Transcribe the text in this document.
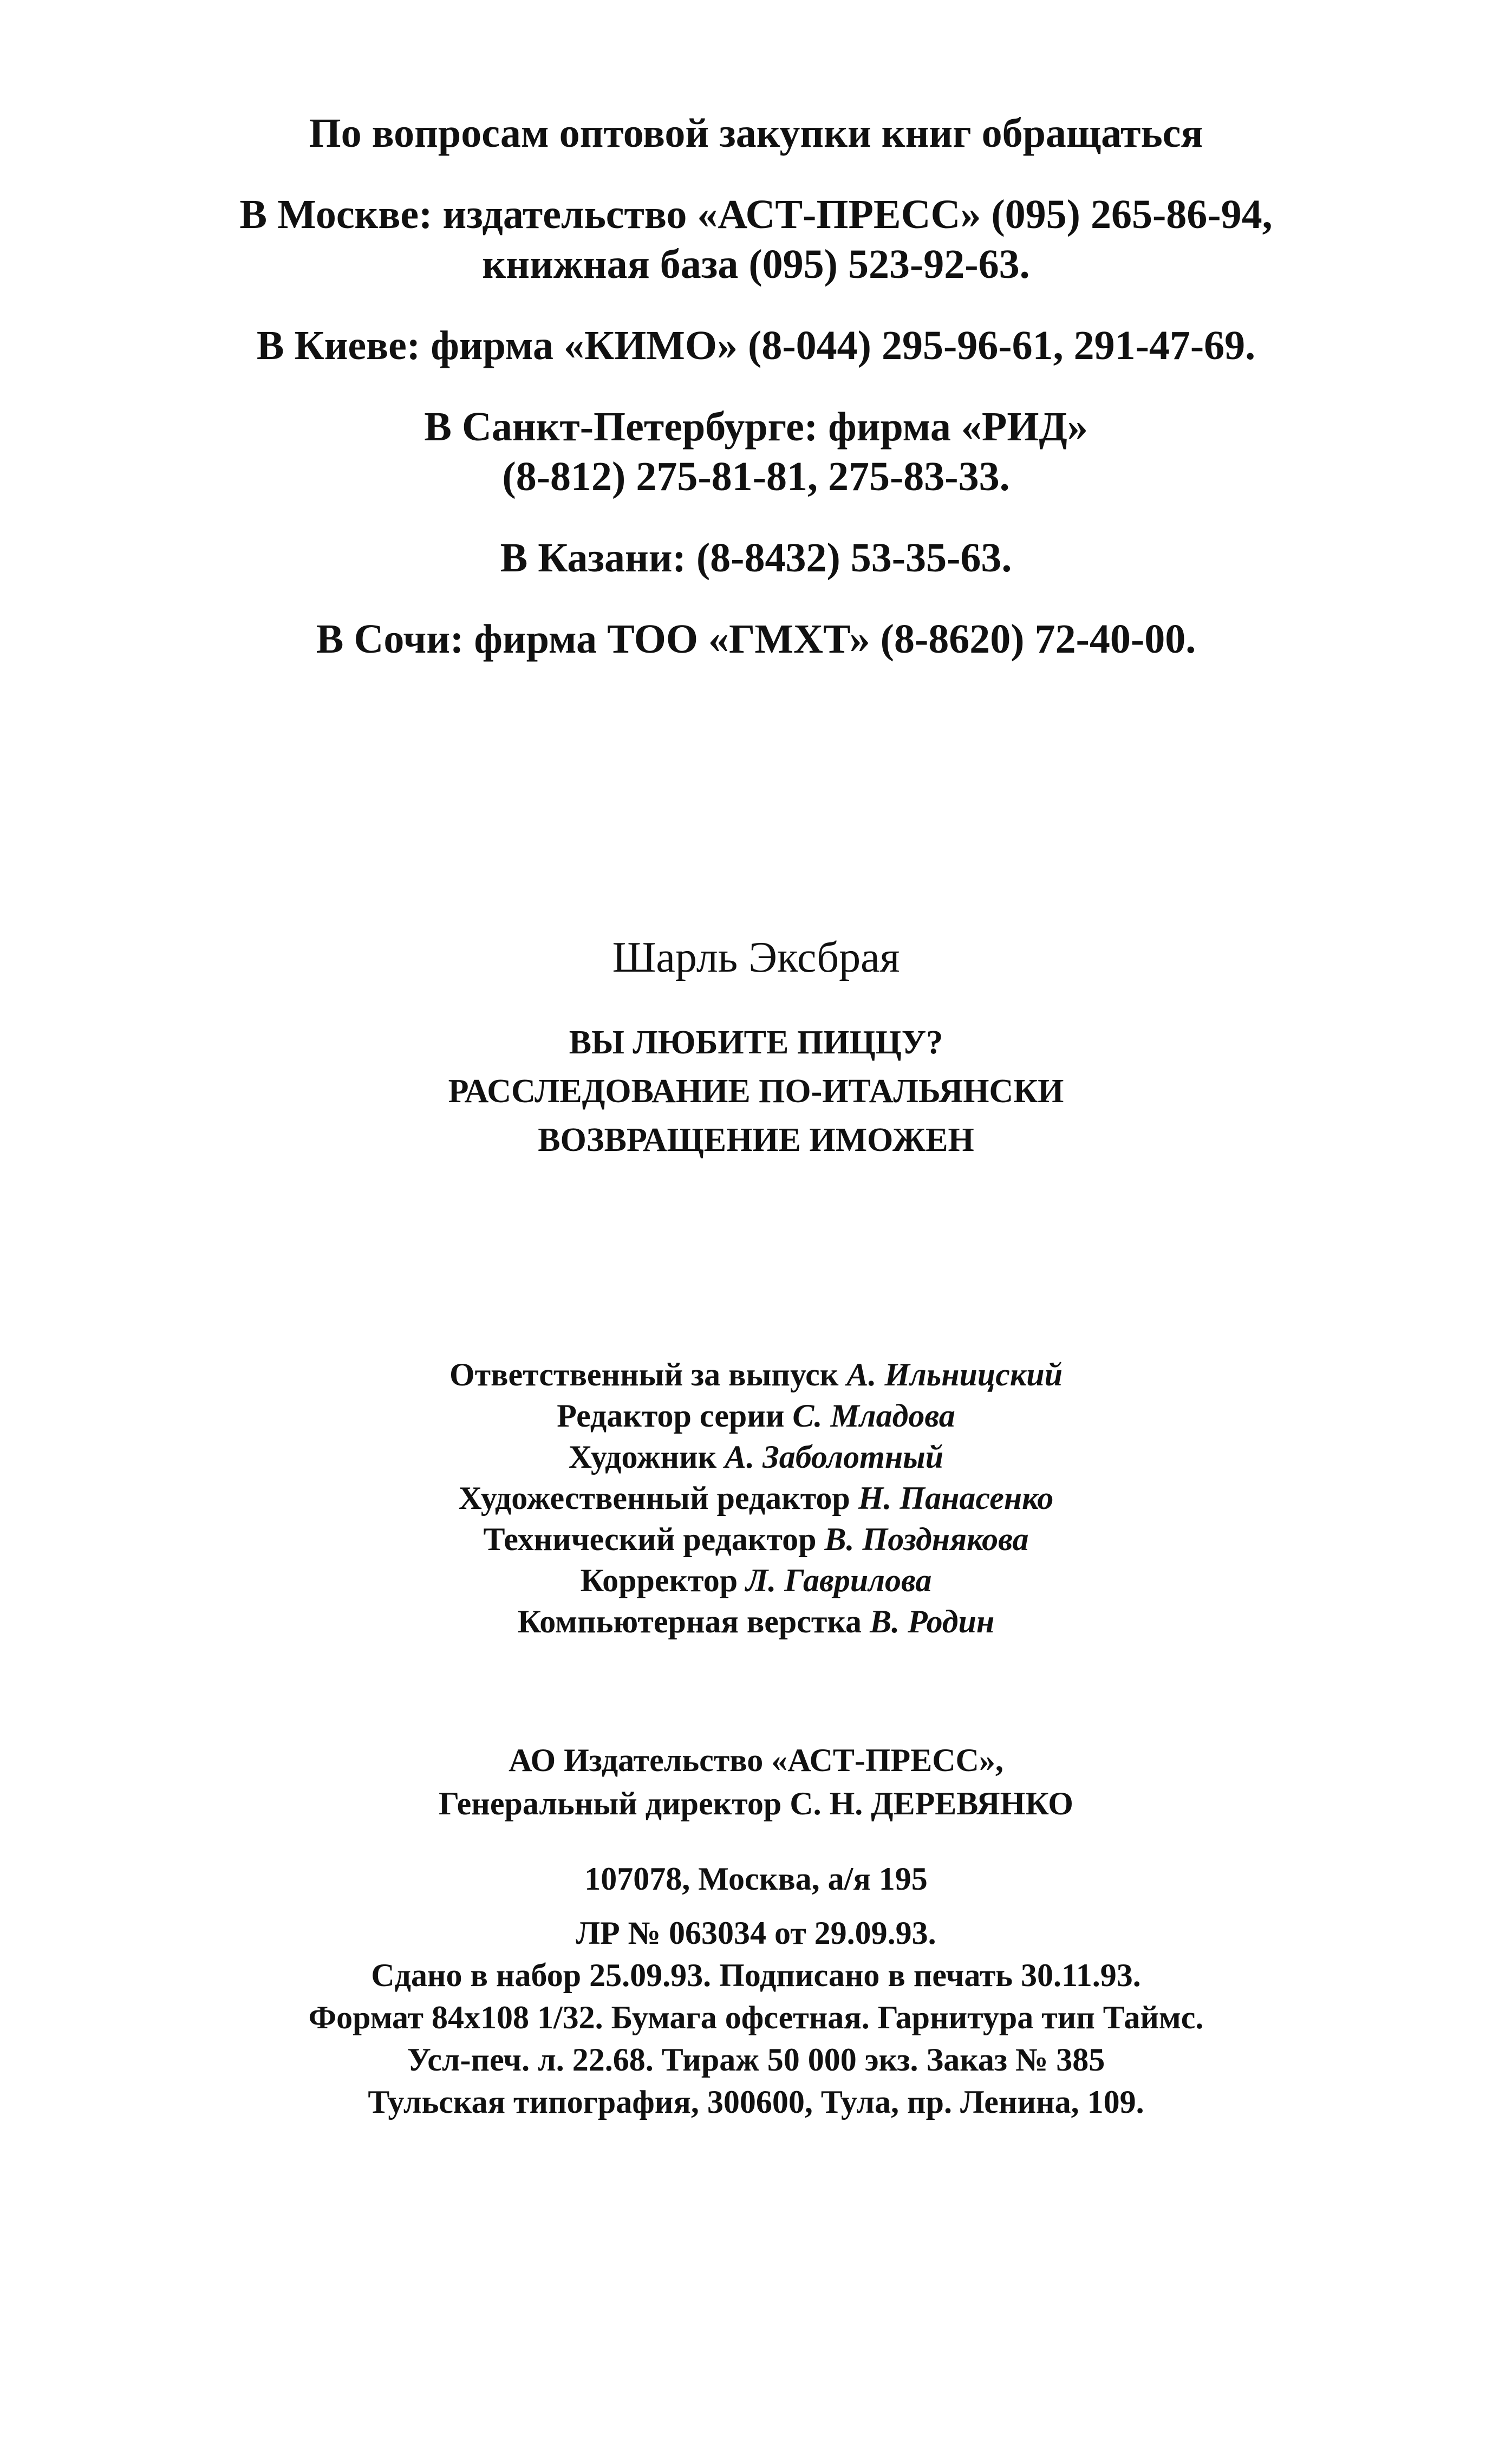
По вопросам оптовой закупки книг обращаться
В Москве: издательство «АСТ-ПРЕСС» (095) 265-86-94,
книжная база (095) 523-92-63.
В Киеве: фирма «КИМО» (8-044) 295-96-61, 291-47-69.
В Санкт-Петербурге: фирма «РИД»
(8-812) 275-81-81, 275-83-33.
В Казани: (8-8432) 53-35-63.
В Сочи: фирма ТОО «ГМХТ» (8-8620) 72-40-00.
Шарль Эксбрая
ВЫ ЛЮБИТЕ ПИЦЦУ?
РАССЛЕДОВАНИЕ ПО-ИТАЛЬЯНСКИ
ВОЗВРАЩЕНИЕ ИМОЖЕН
Ответственный за выпуск А. Ильницский
Редактор серии С. Младова
Художник А. Заболотный
Художественный редактор Н. Панасенко
Технический редактор В. Позднякова
Корректор Л. Гаврилова
Компьютерная верстка В. Родин
АО Издательство «АСТ-ПРЕСС»,
Генеральный директор С. Н. ДЕРЕВЯНКО
107078, Москва, а/я 195
ЛР № 063034 от 29.09.93.
Сдано в набор 25.09.93. Подписано в печать 30.11.93.
Формат 84х108 1/32. Бумага офсетная. Гарнитура тип Таймс.
Усл-печ. л. 22.68. Тираж 50 000 экз. Заказ № 385
Тульская типография, 300600, Тула, пр. Ленина, 109.
